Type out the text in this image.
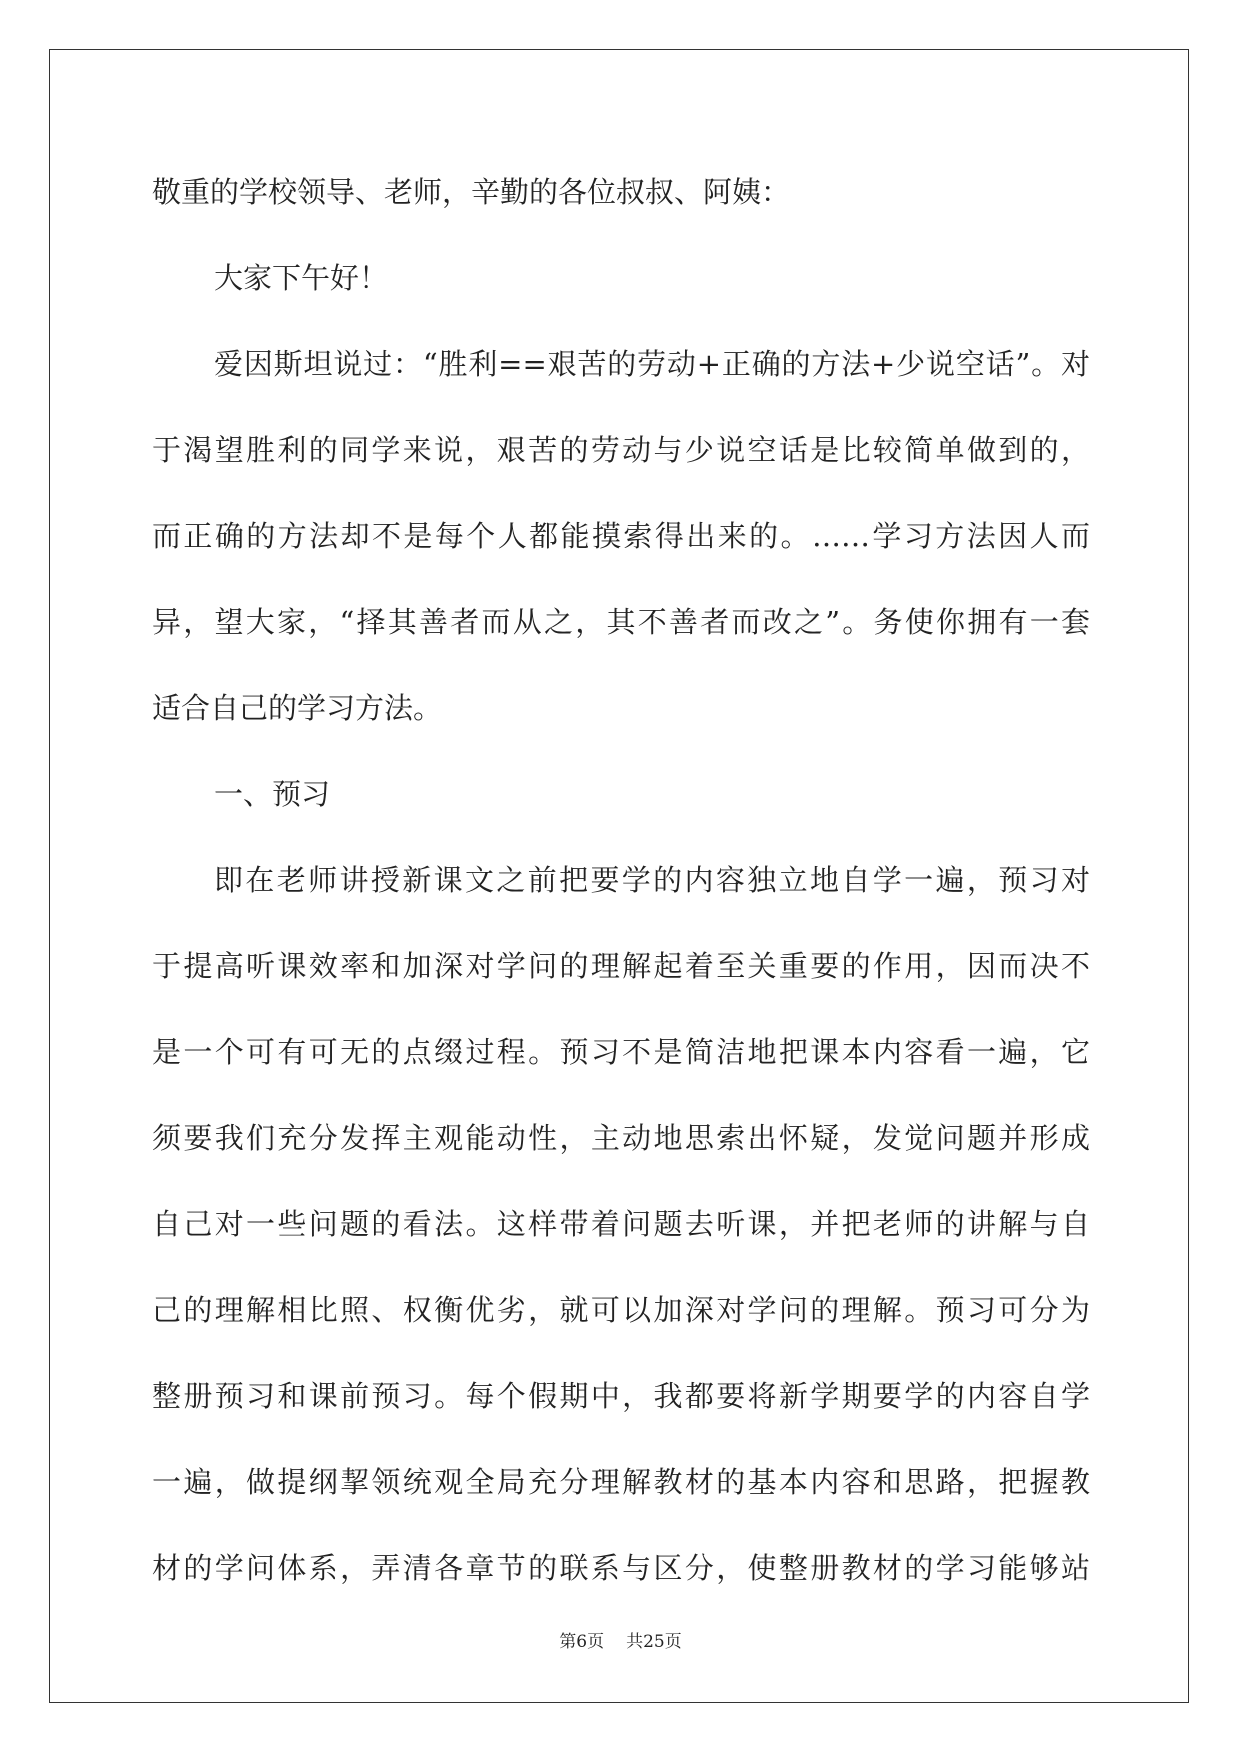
敬重的学校领导、老师，辛勤的各位叔叔、阿姨：
大家下午好！
爱因斯坦说过：“胜利==艰苦的劳动+正确的方法+少说空话”。对
于渴望胜利的同学来说，艰苦的劳动与少说空话是比较简单做到的，
而正确的方法却不是每个人都能摸索得出来的。……学习方法因人而
异，望大家，“择其善者而从之，其不善者而改之”。务使你拥有一套
适合自己的学习方法。
一、预习
即在老师讲授新课文之前把要学的内容独立地自学一遍，预习对
于提高听课效率和加深对学问的理解起着至关重要的作用，因而决不
是一个可有可无的点缀过程。预习不是简洁地把课本内容看一遍，它
须要我们充分发挥主观能动性，主动地思索出怀疑，发觉问题并形成
自己对一些问题的看法。这样带着问题去听课，并把老师的讲解与自
己的理解相比照、权衡优劣，就可以加深对学问的理解。预习可分为
整册预习和课前预习。每个假期中，我都要将新学期要学的内容自学
一遍，做提纲挈领统观全局充分理解教材的基本内容和思路，把握教
材的学问体系，弄清各章节的联系与区分，使整册教材的学习能够站
第6页 共25页
